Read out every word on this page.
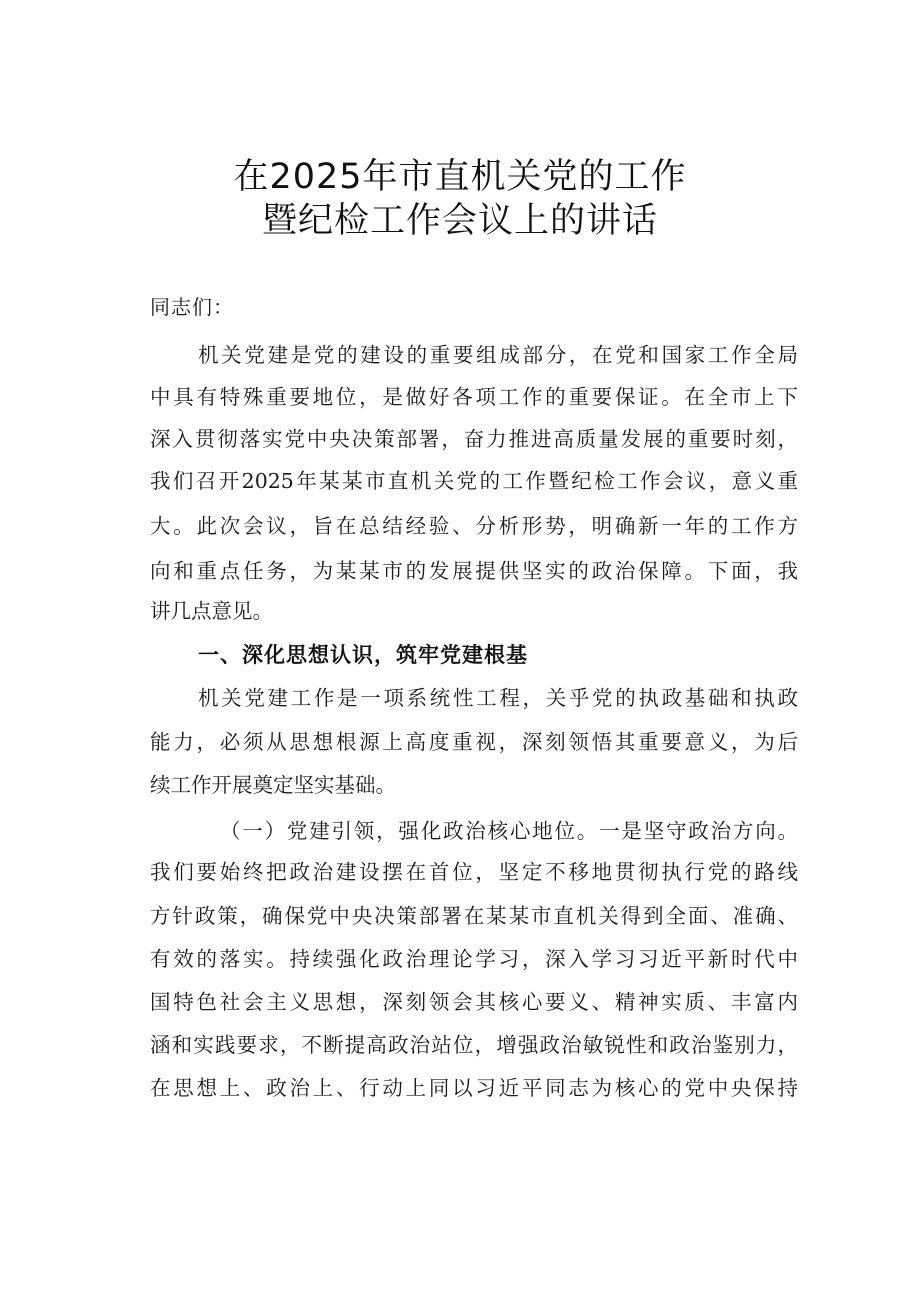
在2025年市直机关党的工作
暨纪检工作会议上的讲话
同志们：
机关党建是党的建设的重要组成部分，在党和国家工作全局
中具有特殊重要地位，是做好各项工作的重要保证。在全市上下
深入贯彻落实党中央决策部署，奋力推进高质量发展的重要时刻，
我们召开2025年某某市直机关党的工作暨纪检工作会议，意义重
大。此次会议，旨在总结经验、分析形势，明确新一年的工作方
向和重点任务，为某某市的发展提供坚实的政治保障。下面，我
讲几点意见。
一、深化思想认识，筑牢党建根基
机关党建工作是一项系统性工程，关乎党的执政基础和执政
能力，必须从思想根源上高度重视，深刻领悟其重要意义，为后
续工作开展奠定坚实基础。
（一）党建引领，强化政治核心地位。一是坚守政治方向。
我们要始终把政治建设摆在首位，坚定不移地贯彻执行党的路线
方针政策，确保党中央决策部署在某某市直机关得到全面、准确、
有效的落实。持续强化政治理论学习，深入学习习近平新时代中
国特色社会主义思想，深刻领会其核心要义、精神实质、丰富内
涵和实践要求，不断提高政治站位，增强政治敏锐性和政治鉴别力，
在思想上、政治上、行动上同以习近平同志为核心的党中央保持
